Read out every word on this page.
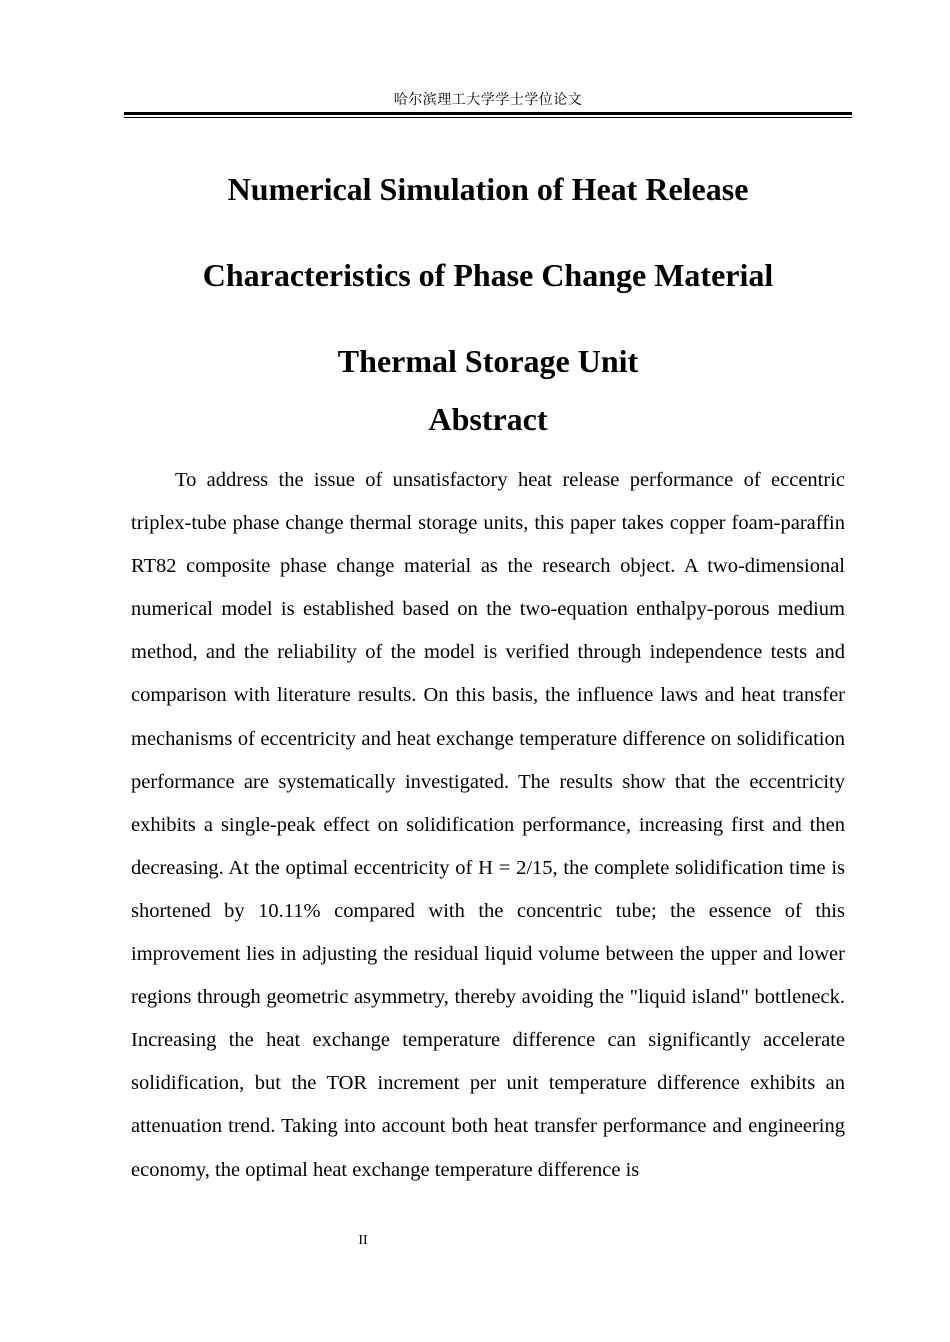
哈尔滨理工大学学士学位论文
Numerical Simulation of Heat Release
Characteristics of Phase Change Material
Thermal Storage Unit
Abstract

To address the issue of unsatisfactory heat release performance of eccentric triplex-tube phase change thermal storage units, this paper takes copper foam-paraffin RT82 composite phase change material as the research object. A two-dimensional numerical model is established based on the two-equation enthalpy-porous medium method, and the reliability of the model is verified through independence tests and comparison with literature results. On this basis, the influence laws and heat transfer mechanisms of eccentricity and heat exchange temperature difference on solidification performance are systematically investigated. The results show that the eccentricity exhibits a single-peak effect on solidification performance, increasing first and then decreasing. At the optimal eccentricity of H = 2/15, the complete solidification time is shortened by 10.11% compared with the concentric tube; the essence of this improvement lies in adjusting the residual liquid volume between the upper and lower regions through geometric asymmetry, thereby avoiding the "liquid island" bottleneck. Increasing the heat exchange temperature difference can significantly accelerate solidification, but the TOR increment per unit temperature difference exhibits an attenuation trend. Taking into account both heat transfer performance and engineering economy, the optimal heat exchange temperature difference is

II
